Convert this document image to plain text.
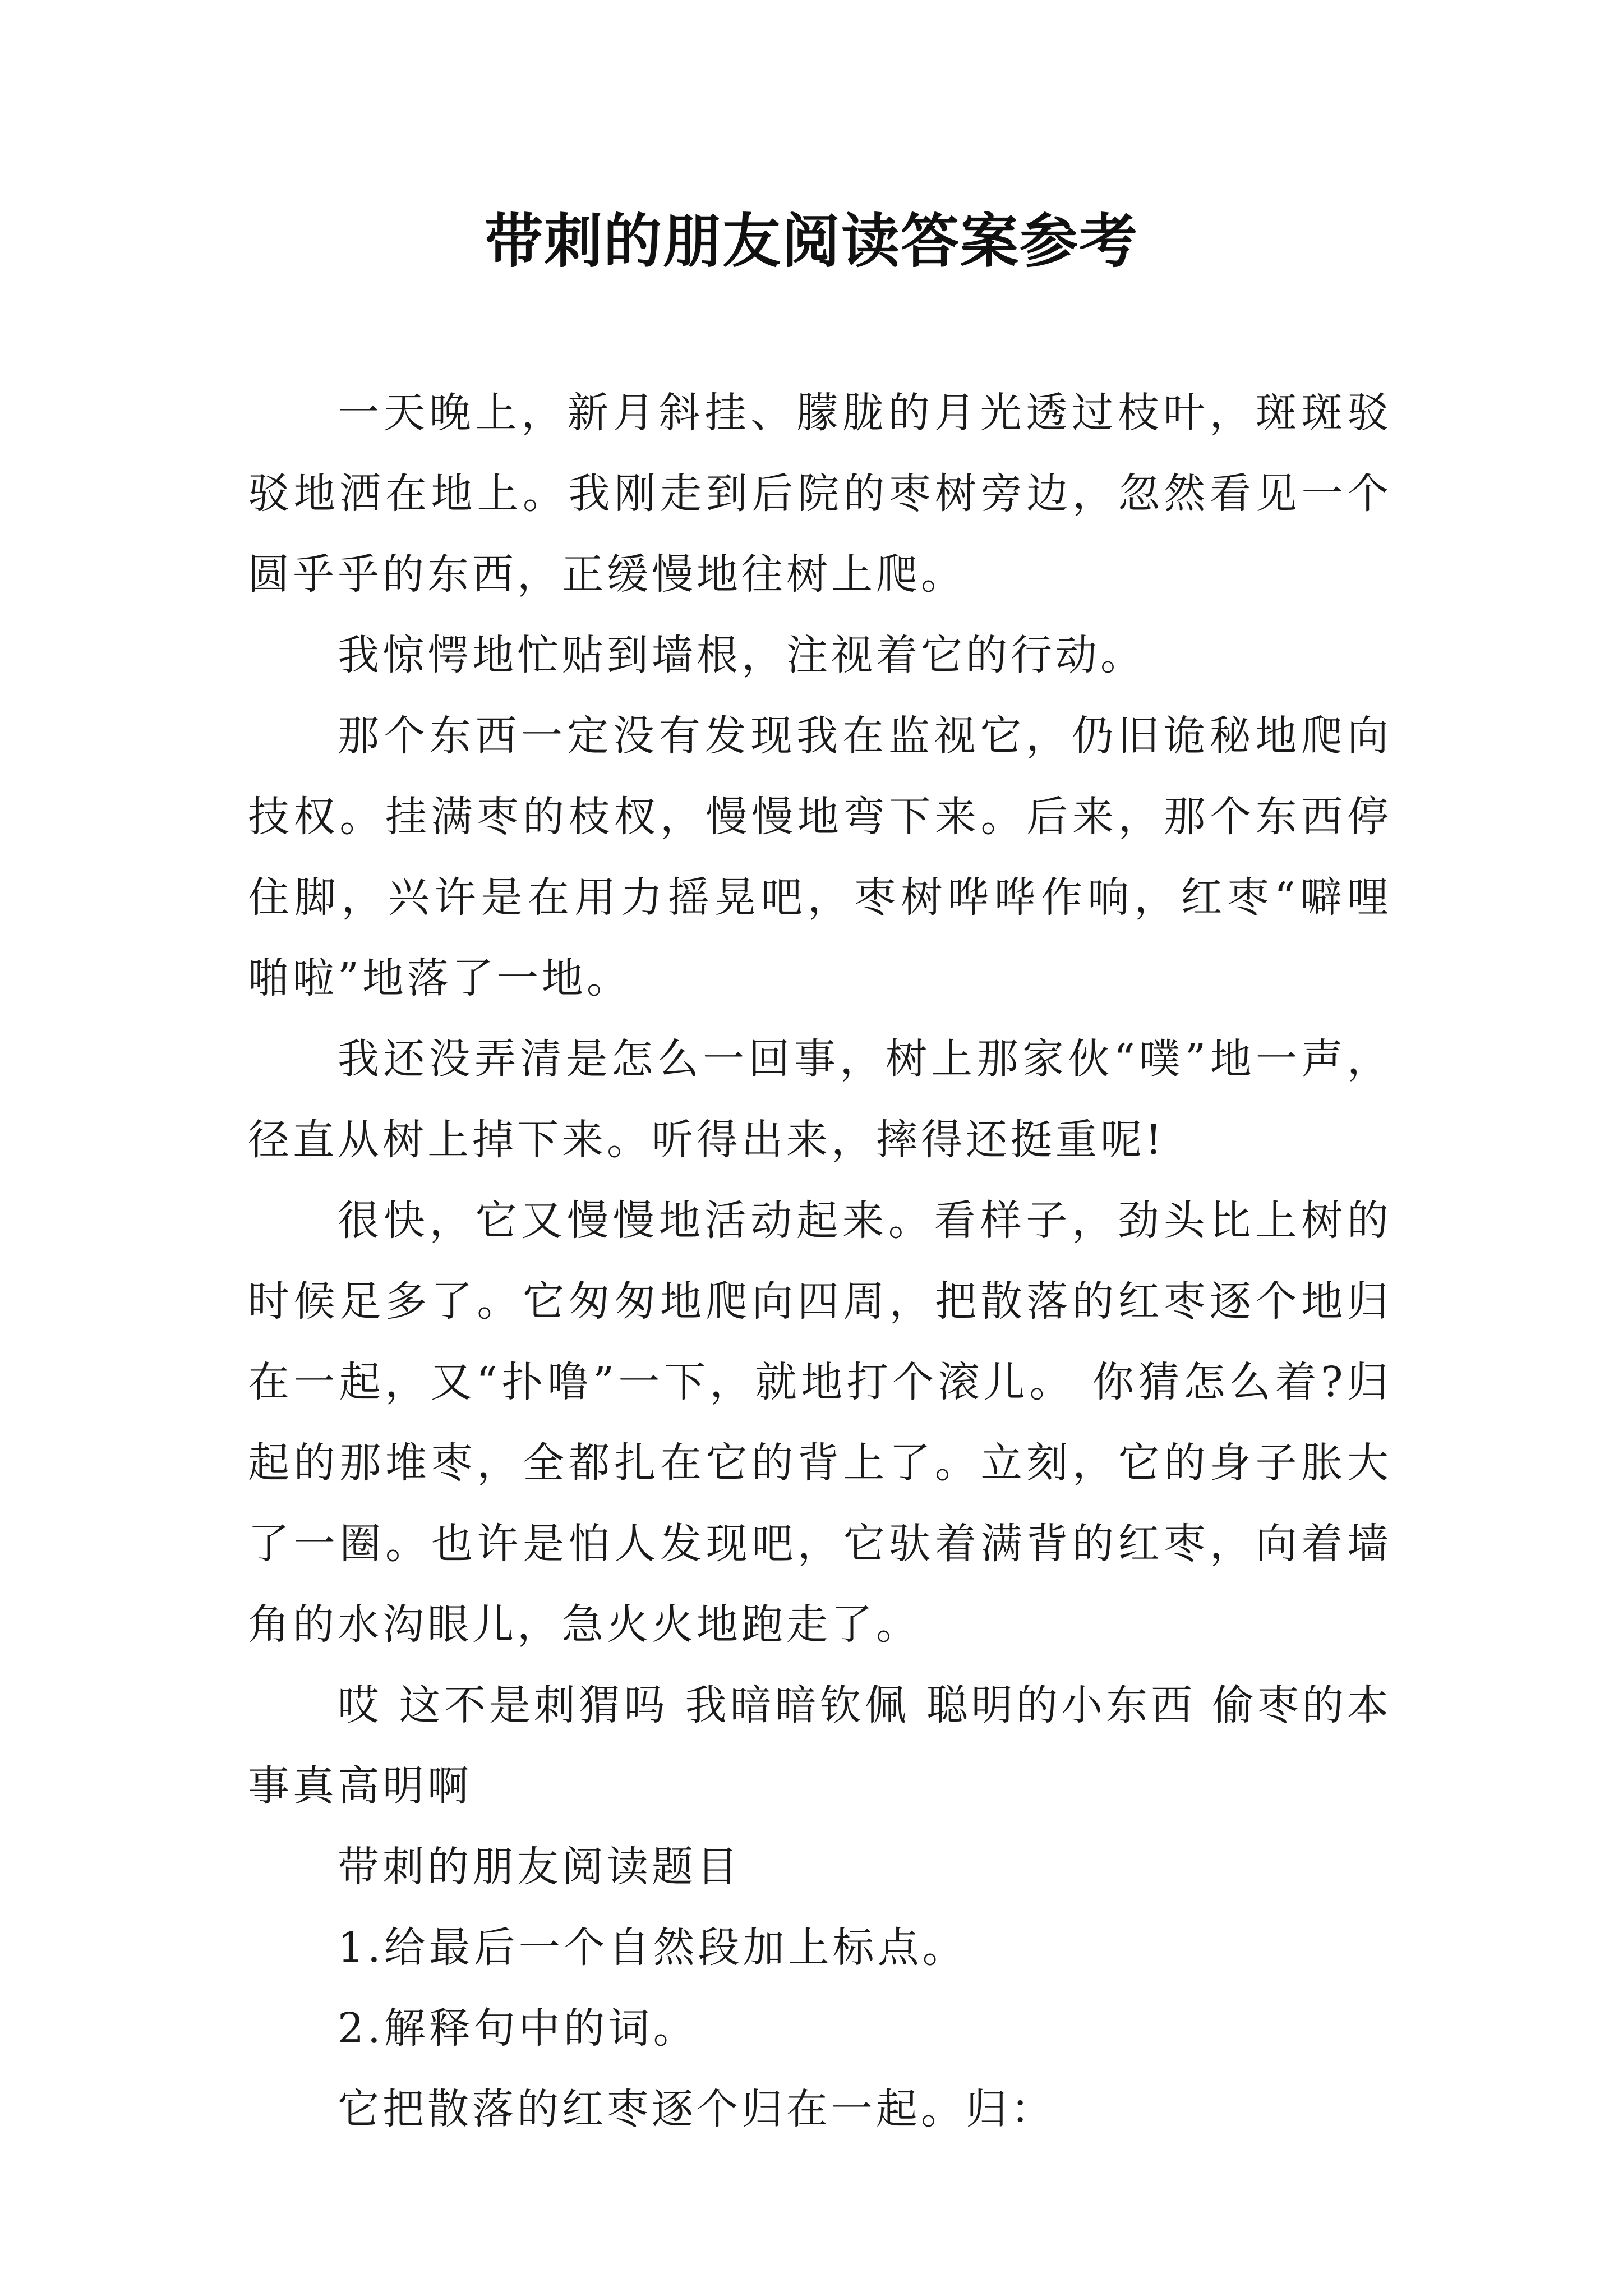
带刺的朋友阅读答案参考

一天晚上，新月斜挂、朦胧的月光透过枝叶，斑斑驳驳地洒在地上。我刚走到后院的枣树旁边，忽然看见一个圆乎乎的东西，正缓慢地往树上爬。

我惊愕地忙贴到墙根，注视着它的行动。

那个东西一定没有发现我在监视它，仍旧诡秘地爬向技权。挂满枣的枝杈，慢慢地弯下来。后来，那个东西停住脚，兴许是在用力摇晃吧，枣树哗哗作响，红枣“噼哩啪啦”地落了一地。

我还没弄清是怎么一回事，树上那家伙“噗”地一声，径直从树上掉下来。听得出来，摔得还挺重呢!

很快，它又慢慢地活动起来。看样子，劲头比上树的时候足多了。它匆匆地爬向四周，把散落的红枣逐个地归在一起，又“扑噜”一下，就地打个滚儿。 你猜怎么着?归起的那堆枣，全都扎在它的背上了。立刻，它的身子胀大了一圈。也许是怕人发现吧，它驮着满背的红枣，向着墙角的水沟眼儿，急火火地跑走了。

哎 这不是刺猬吗 我暗暗钦佩 聪明的小东西 偷枣的本事真高明啊

带刺的朋友阅读题目

1.给最后一个自然段加上标点。

2.解释句中的词。

它把散落的红枣逐个归在一起。归：
